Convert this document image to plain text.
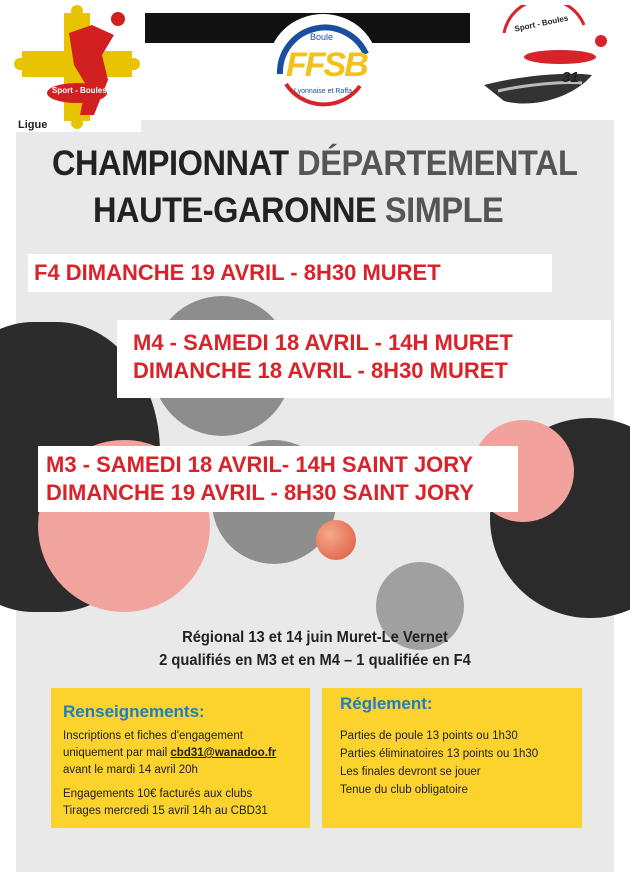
Sport - Boules
Ligue
Boule
FFSB
Lyonnaise et Raffa
Sport - Boules
31
CHAMPIONNAT DÉPARTEMENTAL
HAUTE-GARONNE SIMPLE
F4 DIMANCHE 19 AVRIL - 8H30 MURET
M4 - SAMEDI 18 AVRIL - 14H MURET
DIMANCHE 18 AVRIL - 8H30 MURET
M3 - SAMEDI 18 AVRIL- 14H SAINT JORY
DIMANCHE 19 AVRIL - 8H30 SAINT JORY
Régional 13 et 14 juin Muret-Le Vernet
2 qualifiés en M3 et en M4 – 1 qualifiée en F4
Renseignements:
Inscriptions et fiches d'engagement
uniquement par mail cbd31@wanadoo.fr
avant le mardi 14 avril 20h
Engagements 10€ facturés aux clubs
Tirages mercredi 15 avril 14h au CBD31
Réglement:
Parties de poule 13 points ou 1h30
Parties éliminatoires 13 points ou 1h30
Les finales devront se jouer
Tenue du club obligatoire
